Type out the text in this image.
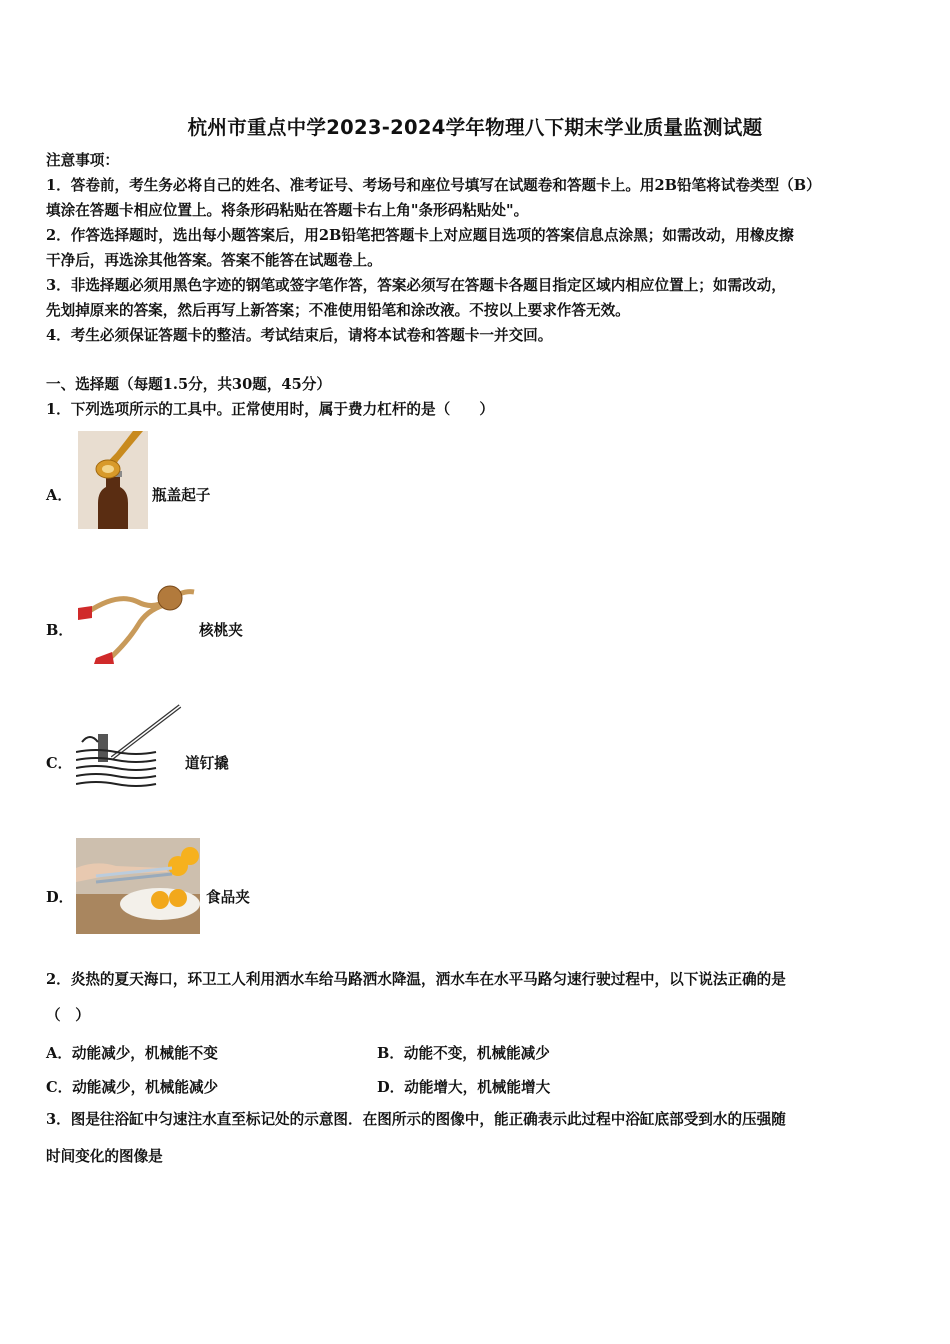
杭州市重点中学2023-2024学年物理八下期末学业质量监测试题
注意事项：
1．答卷前，考生务必将自己的姓名、准考证号、考场号和座位号填写在试题卷和答题卡上。用2B铅笔将试卷类型（B）
填涂在答题卡相应位置上。将条形码粘贴在答题卡右上角"条形码粘贴处"。
2．作答选择题时，选出每小题答案后，用2B铅笔把答题卡上对应题目选项的答案信息点涂黑；如需改动，用橡皮擦
干净后，再选涂其他答案。答案不能答在试题卷上。
3．非选择题必须用黑色字迹的钢笔或签字笔作答，答案必须写在答题卡各题目指定区域内相应位置上；如需改动，
先划掉原来的答案，然后再写上新答案；不准使用铅笔和涂改液。不按以上要求作答无效。
4．考生必须保证答题卡的整洁。考试结束后，请将本试卷和答题卡一并交回。
一、选择题（每题1.5分，共30题，45分）
1．下列选项所示的工具中。正常使用时，属于费力杠杆的是（　　）
A．	瓶盖起子
B．	核桃夹
C．	道钉撬
D．	食品夹
2．炎热的夏天海口，环卫工人利用洒水车给马路洒水降温，洒水车在水平马路匀速行驶过程中，以下说法正确的是
（　）
A．动能减少，机械能不变	B．动能不变，机械能减少
C．动能减少，机械能减少	D．动能增大，机械能增大
3．图是往浴缸中匀速注水直至标记处的示意图．在图所示的图像中，能正确表示此过程中浴缸底部受到水的压强随
时间变化的图像是
